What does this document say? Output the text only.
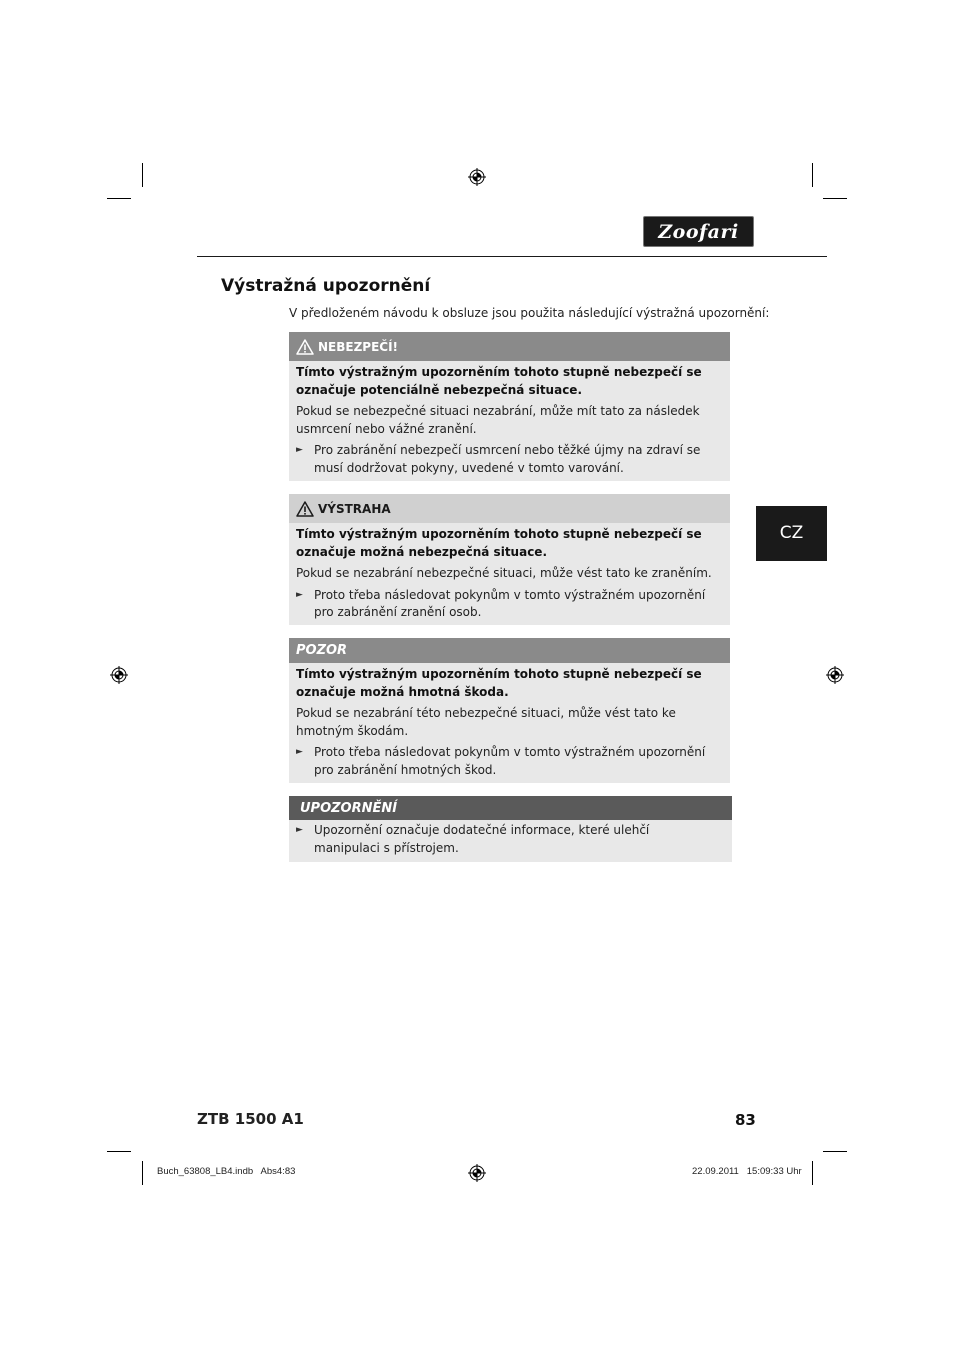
Zoofari
Výstražná upozornění
V předloženém návodu k obsluze jsou použita následující výstražná upozornění:
CZ
NEBEZPEČÍ!
Tímto výstražným upozorněním tohoto stupně nebezpečí se označuje potenciálně nebezpečná situace.
Pokud se nebezpečné situaci nezabrání, může mít tato za následek usmrcení nebo vážné zranění.
► Pro zabránění nebezpečí usmrcení nebo těžké újmy na zdraví se musí dodržovat pokyny, uvedené v tomto varování.
VÝSTRAHA
Tímto výstražným upozorněním tohoto stupně nebezpečí se označuje možná nebezpečná situace.
Pokud se nezabrání nebezpečné situaci, může vést tato ke zraněním.
► Proto třeba následovat pokynům v tomto výstražném upozornění pro zabránění zranění osob.
POZOR
Tímto výstražným upozorněním tohoto stupně nebezpečí se označuje možná hmotná škoda.
Pokud se nezabrání této nebezpečné situaci, může vést tato ke hmotným škodám.
► Proto třeba následovat pokynům v tomto výstražném upozornění pro zabránění hmotných škod.
UPOZORNĚNÍ
► Upozornění označuje dodatečné informace, které ulehčí manipulaci s přístrojem.
ZTB 1500 A1	83
Buch_63808_LB4.indb   Abs4:83	22.09.2011   15:09:33 Uhr
